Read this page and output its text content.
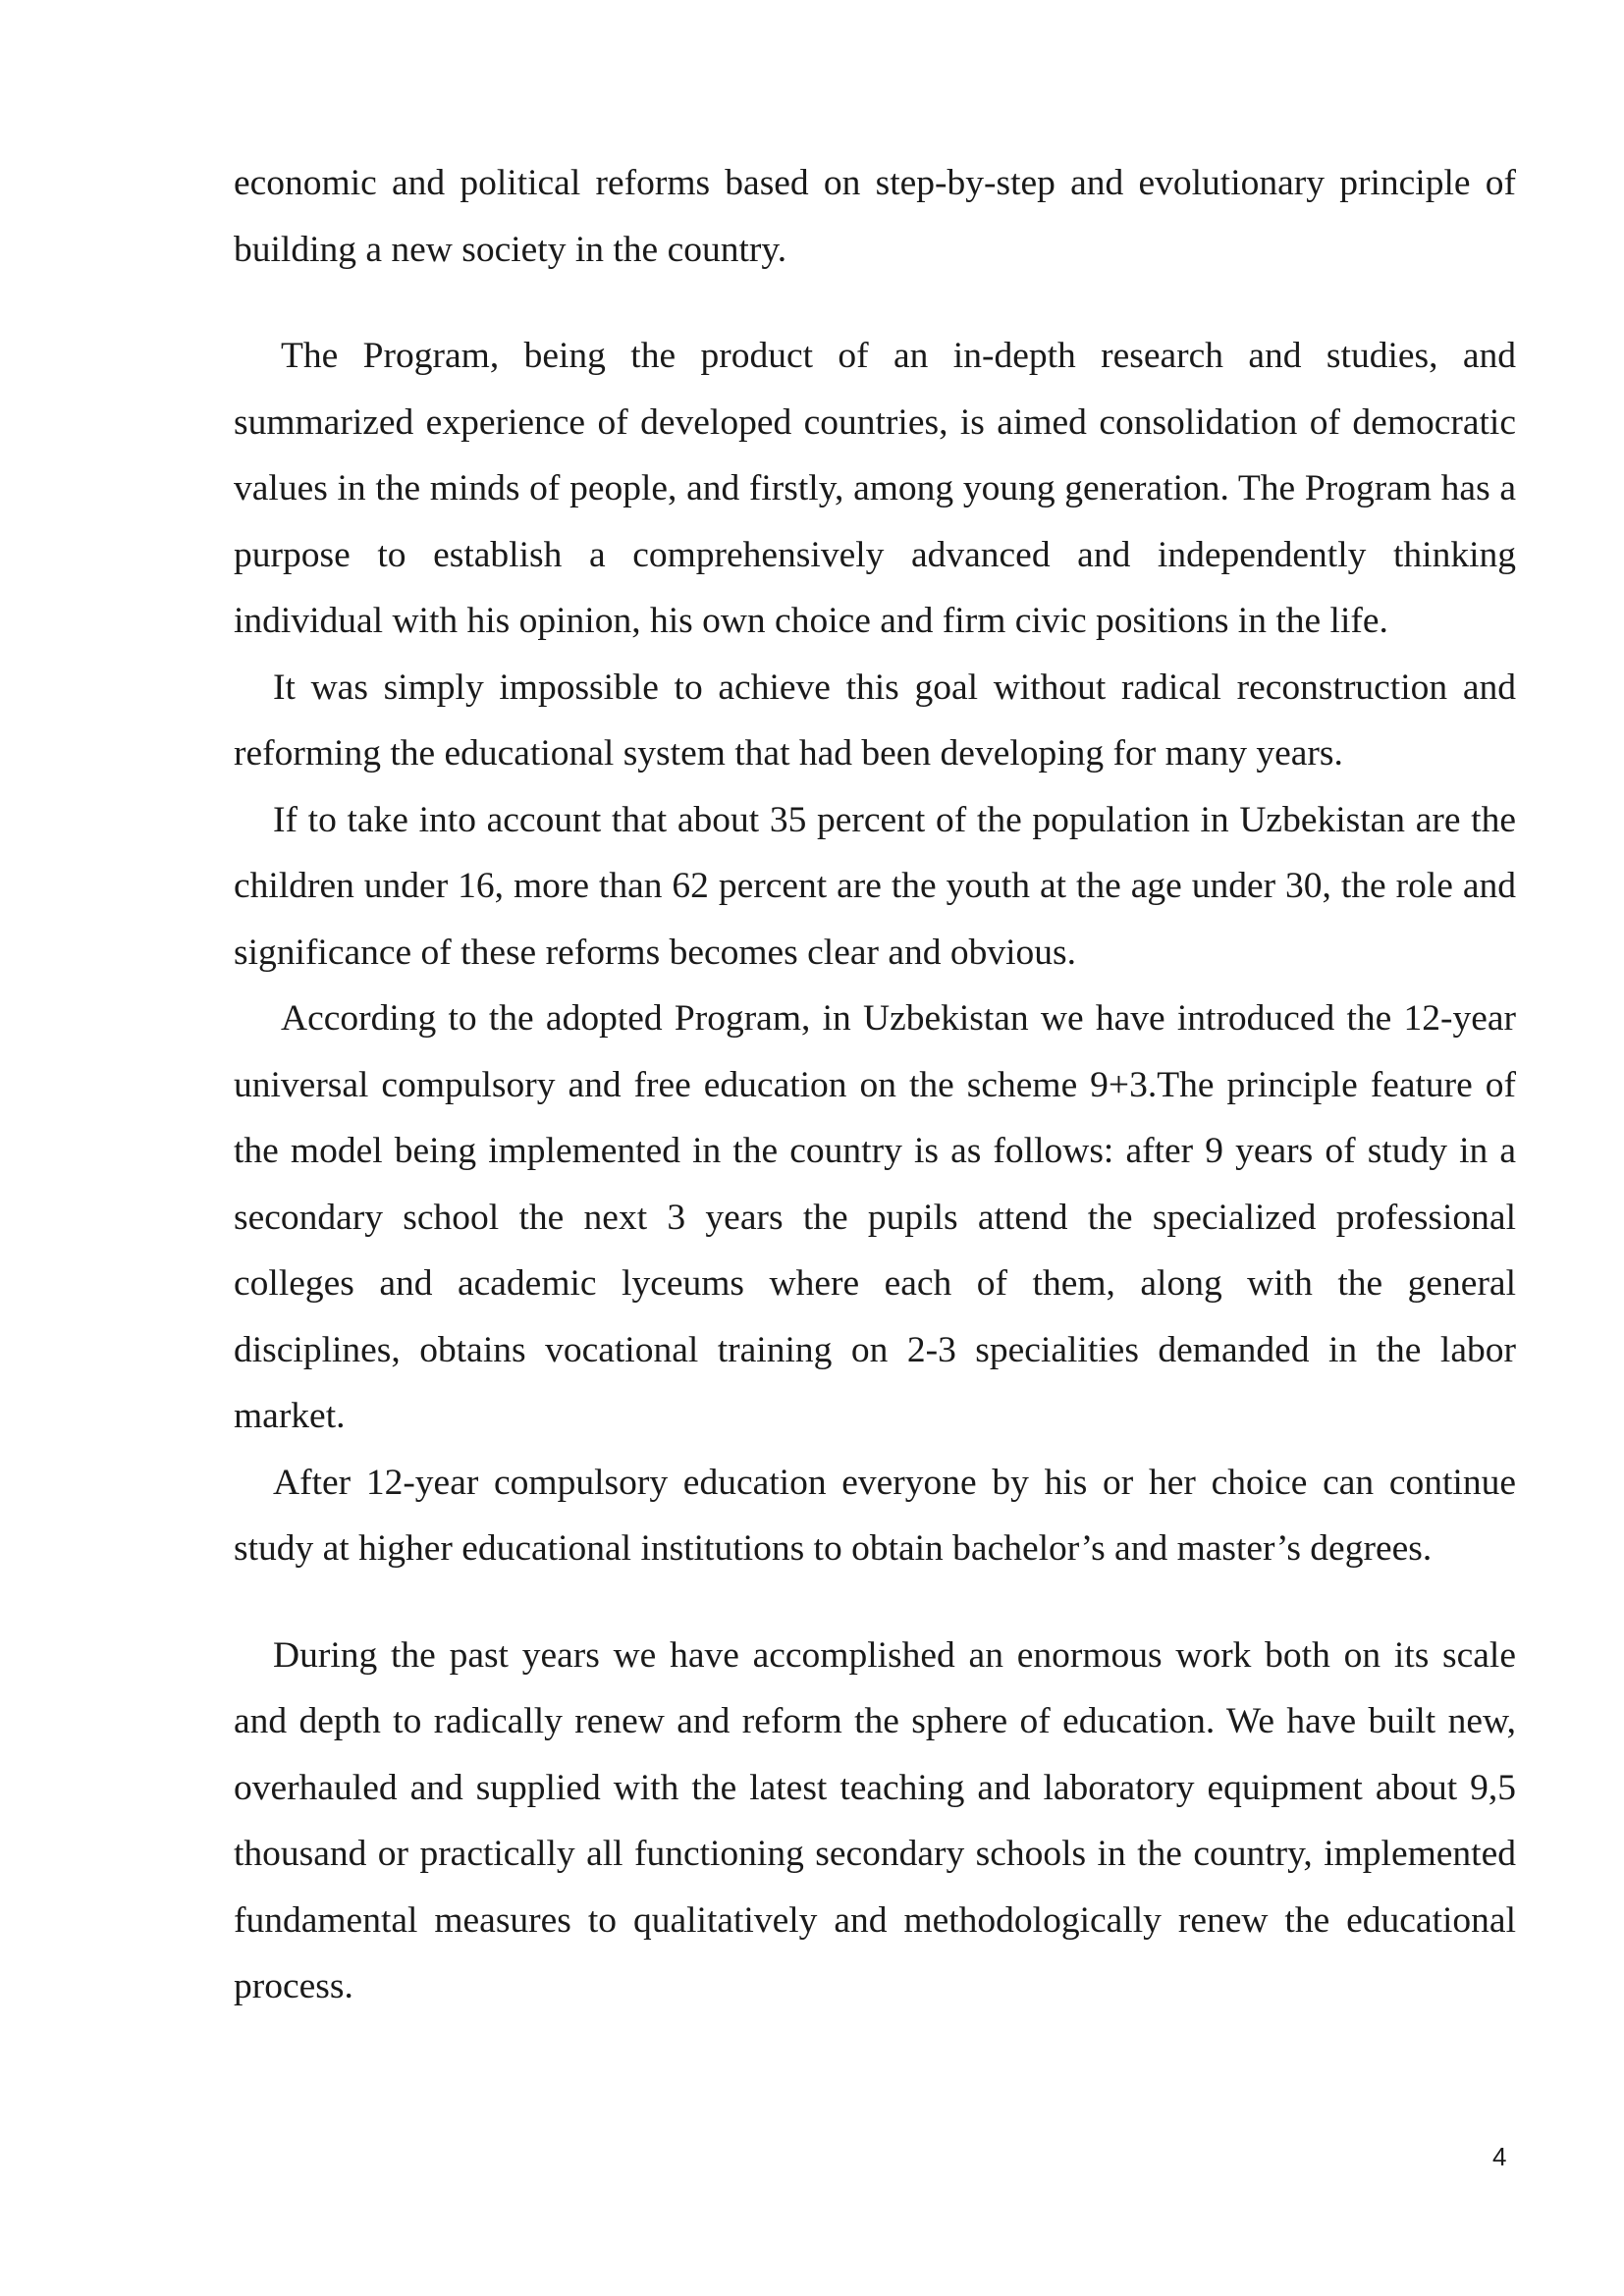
economic and political reforms based on step-by-step and evolutionary principle of building a new society in the country.

The Program, being the product of an in-depth research and studies, and summarized experience of developed countries, is aimed consolidation of democratic values in the minds of people, and firstly, among young generation. The Program has a purpose to establish a comprehensively advanced and independently thinking individual with his opinion, his own choice and firm civic positions in the life.

It was simply impossible to achieve this goal without radical reconstruction and reforming the educational system that had been developing for many years.

If to take into account that about 35 percent of the population in Uzbekistan are the children under 16, more than 62 percent are the youth at the age under 30, the role and significance of these reforms becomes clear and obvious.

According to the adopted Program, in Uzbekistan we have introduced the 12-year universal compulsory and free education on the scheme 9+3.The principle feature of the model being implemented in the country is as follows: after 9 years of study in a secondary school the next 3 years the pupils attend the specialized professional colleges and academic lyceums where each of them, along with the general disciplines, obtains vocational training on 2-3 specialities demanded in the labor market.

After 12-year compulsory education everyone by his or her choice can continue study at higher educational institutions to obtain bachelor’s and master’s degrees.

During the past years we have accomplished an enormous work both on its scale and depth to radically renew and reform the sphere of education. We have built new, overhauled and supplied with the latest teaching and laboratory equipment about 9,5 thousand or practically all functioning secondary schools in the country, implemented fundamental measures to qualitatively and methodologically renew the educational process.

4
